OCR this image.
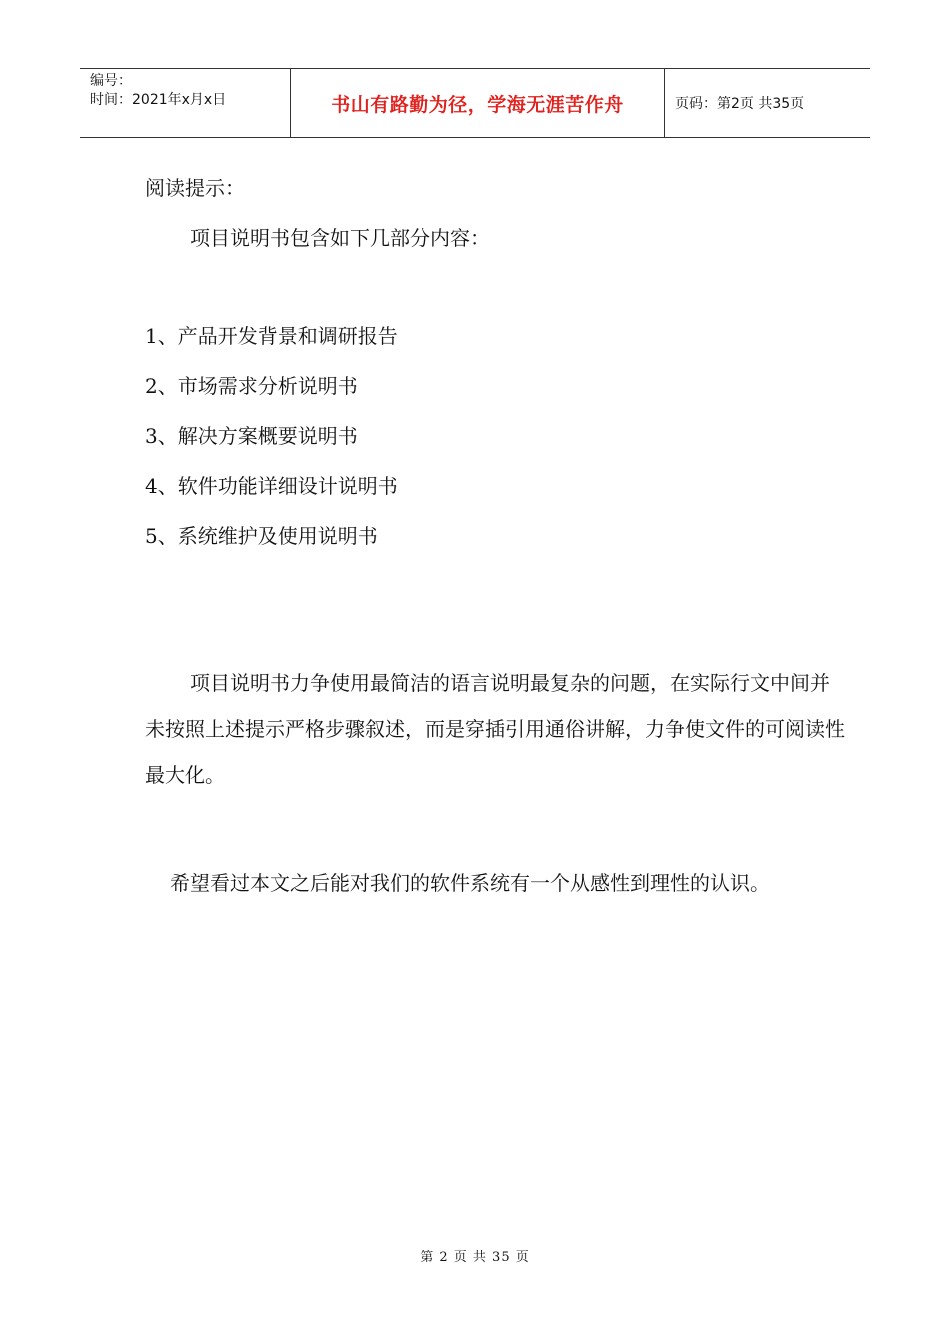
编号：
时间：2021年x月x日	书山有路勤为径，学海无涯苦作舟	页码：第2页 共35页
阅读提示：
项目说明书包含如下几部分内容：
1、产品开发背景和调研报告
2、市场需求分析说明书
3、解决方案概要说明书
4、软件功能详细设计说明书
5、系统维护及使用说明书
项目说明书力争使用最简洁的语言说明最复杂的问题，在实际行文中间并未按照上述提示严格步骤叙述，而是穿插引用通俗讲解，力争使文件的可阅读性最大化。
希望看过本文之后能对我们的软件系统有一个从感性到理性的认识。
第 2 页 共 35 页
